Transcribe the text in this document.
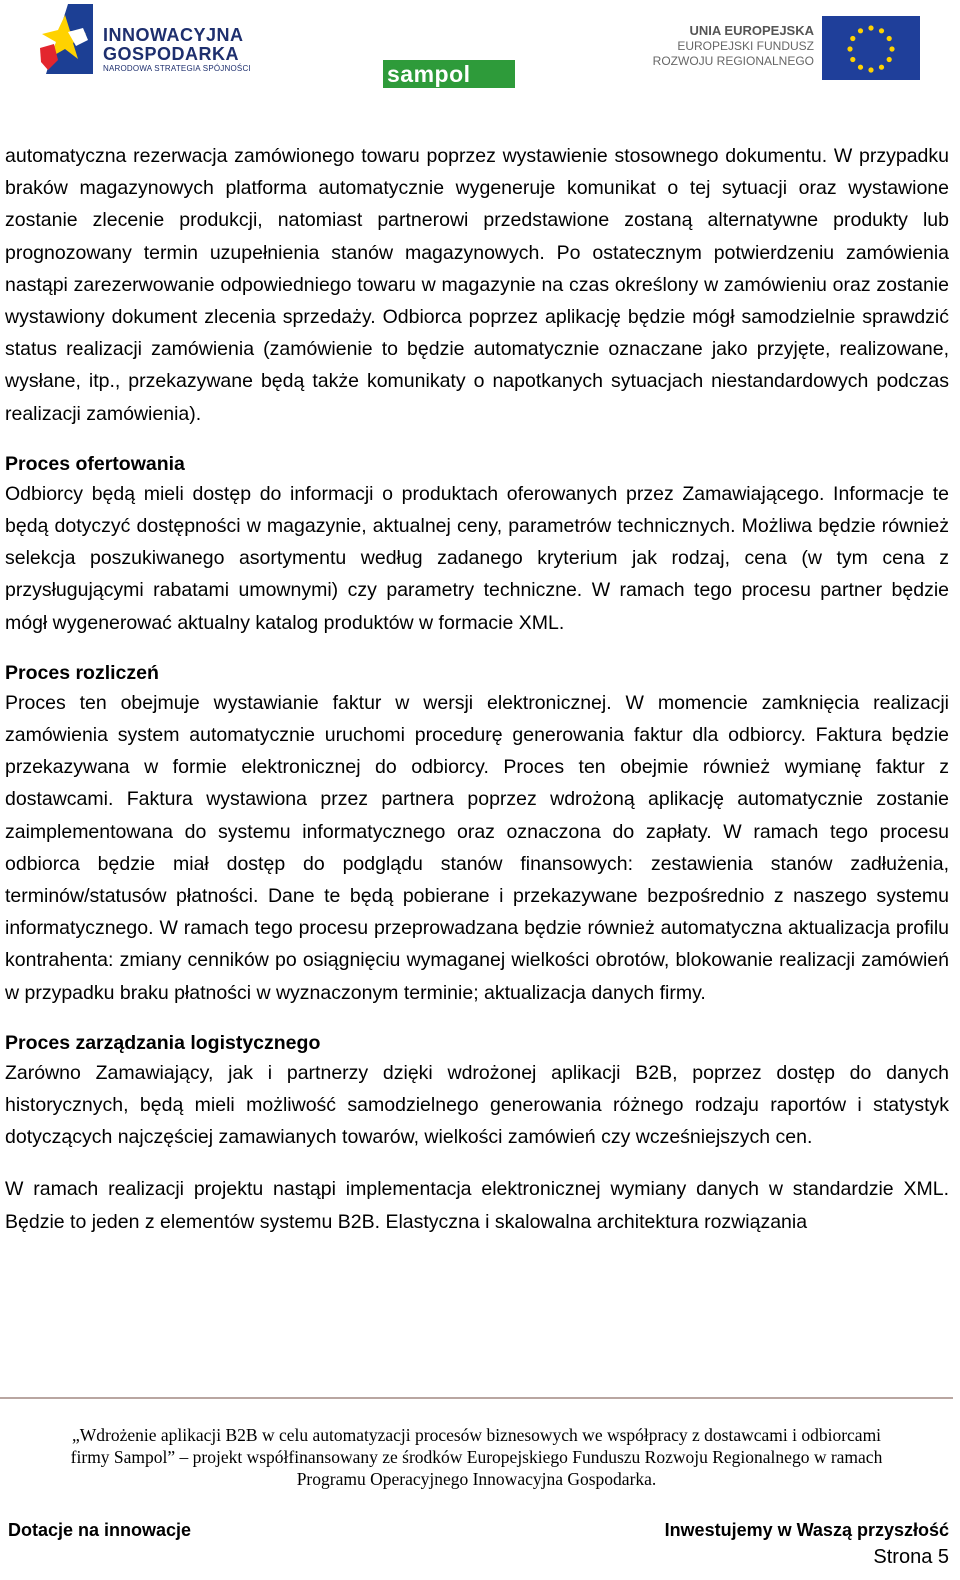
INNOWACYJNA
GOSPODARKA
NARODOWA STRATEGIA SPÓJNOŚCI	sampol
UNIA EUROPEJSKA
EUROPEJSKI FUNDUSZ
ROZWOJU REGIONALNEGO

automatyczna rezerwacja zamówionego towaru poprzez wystawienie stosownego dokumentu. W przypadku braków magazynowych platforma automatycznie wygeneruje komunikat o tej sytuacji oraz wystawione zostanie zlecenie produkcji, natomiast partnerowi przedstawione zostaną alternatywne produkty lub prognozowany termin uzupełnienia stanów magazynowych. Po ostatecznym potwierdzeniu zamówienia nastąpi zarezerwowanie odpowiedniego towaru w magazynie na czas określony w zamówieniu oraz zostanie wystawiony dokument zlecenia sprzedaży. Odbiorca poprzez aplikację będzie mógł samodzielnie sprawdzić status realizacji zamówienia (zamówienie to będzie automatycznie oznaczane jako przyjęte, realizowane, wysłane, itp., przekazywane będą także komunikaty o napotkanych sytuacjach niestandardowych podczas realizacji zamówienia).

Proces ofertowania

Odbiorcy będą mieli dostęp do informacji o produktach oferowanych przez Zamawiającego. Informacje te będą dotyczyć dostępności w magazynie, aktualnej ceny, parametrów technicznych. Możliwa będzie również selekcja poszukiwanego asortymentu według zadanego kryterium jak rodzaj, cena (w tym cena z przysługującymi rabatami umownymi) czy parametry techniczne. W ramach tego procesu partner będzie mógł wygenerować aktualny katalog produktów w formacie XML.

Proces rozliczeń

Proces ten obejmuje wystawianie faktur w wersji elektronicznej. W momencie zamknięcia realizacji zamówienia system automatycznie uruchomi procedurę generowania faktur dla odbiorcy. Faktura będzie przekazywana w formie elektronicznej do odbiorcy. Proces ten obejmie również wymianę faktur z dostawcami. Faktura wystawiona przez partnera poprzez wdrożoną aplikację automatycznie zostanie zaimplementowana do systemu informatycznego oraz oznaczona do zapłaty. W ramach tego procesu odbiorca będzie miał dostęp do podglądu stanów finansowych: zestawienia stanów zadłużenia, terminów/statusów płatności. Dane te będą pobierane i przekazywane bezpośrednio z naszego systemu informatycznego. W ramach tego procesu przeprowadzana będzie również automatyczna aktualizacja profilu kontrahenta: zmiany cenników po osiągnięciu wymaganej wielkości obrotów, blokowanie realizacji zamówień w przypadku braku płatności w wyznaczonym terminie; aktualizacja danych firmy.

Proces zarządzania logistycznego

Zarówno Zamawiający, jak i partnerzy dzięki wdrożonej aplikacji B2B, poprzez dostęp do danych historycznych, będą mieli możliwość samodzielnego generowania różnego rodzaju raportów i statystyk dotyczących najczęściej zamawianych towarów, wielkości zamówień czy wcześniejszych cen.

W ramach realizacji projektu nastąpi implementacja elektronicznej wymiany danych w standardzie XML. Będzie to jeden z elementów systemu B2B. Elastyczna i skalowalna architektura rozwiązania

„Wdrożenie aplikacji B2B w celu automatyzacji procesów biznesowych we współpracy z dostawcami i odbiorcami
firmy Sampol” – projekt współfinansowany ze środków Europejskiego Funduszu Rozwoju Regionalnego w ramach
Programu Operacyjnego Innowacyjna Gospodarka.
Dotacje na innowacje	Inwestujemy w Waszą przyszłość
Strona 5
